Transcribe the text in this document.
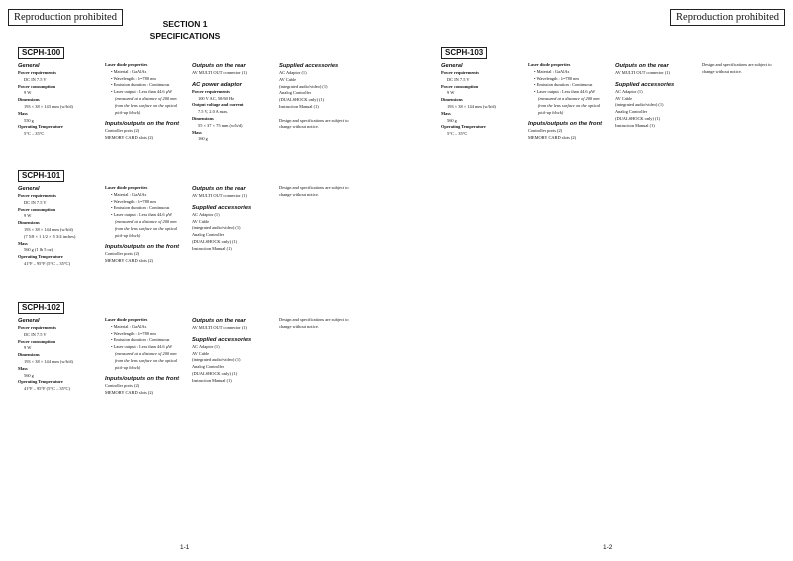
Reproduction prohibited	Reproduction prohibited
SECTION 1
SPECIFICATIONS
SCPH-100
General
Power requirements
DC IN 7.5 V
Power consumption
9 W
Dimensions
193 × 38 × 143 mm (w/h/d)
Mass
550 g
Operating Temperature
5°C – 35°C
Laser diode properties
• Material : GaAlAs
• Wavelength : λ=780 nm
• Emission duration : Continuous
• Laser output : Less than 44.6 μW
(measured at a distance of 200 mm
from the lens surface on the optical
pick-up block)
Inputs/outputs on the front
Controller ports (2)
MEMORY CARD slots (2)
Outputs on the rear
AV MULTI OUT connector (1)
AC power adaptor
Power requirements
100 V AC, 50/60 Hz
Output voltage and current
7.5 V, 2.0 A max.
Dimensions
55 × 37 × 75 mm (w/h/d)
Mass
160 g
Supplied accessories
AC Adaptor (1)
AV Cable
(integrated audio/video) (1)
Analog Controller
(DUALSHOCK only) (1)
Instruction Manual (1)

Design and specifications are subject to
change without notice.
SCPH-103
General
Power requirements
DC IN 7.5 V
Power consumption
9 W
Dimensions
193 × 38 × 144 mm (w/h/d)
Mass
560 g
Operating Temperature
5°C – 35°C
Laser diode properties
• Material : GaAlAs
• Wavelength : λ=780 nm
• Emission duration : Continuous
• Laser output : Less than 44.6 μW
(measured at a distance of 200 mm
from the lens surface on the optical
pick-up block)
Inputs/outputs on the front
Controller ports (2)
MEMORY CARD slots (2)
Outputs on the rear
AV MULTI OUT connector (1)
Supplied accessories
AC Adaptor (1)
AV Cable
(integrated audio/video) (1)
Analog Controller
(DUALSHOCK only) (1)
Instruction Manual (1)
Design and specifications are subject to
change without notice.
SCPH-101
General
Power requirements
DC IN 7.5 V
Power consumption
9 W
Dimensions
193 × 38 × 144 mm (w/h/d)
(7 5/8 × 1 1/2 × 5 3/4 inches)
Mass
560 g (1 lb 5 oz)
Operating Temperature
41°F – 95°F (5°C – 35°C)
Laser diode properties
• Material : GaAlAs
• Wavelength : λ=780 nm
• Emission duration : Continuous
• Laser output : Less than 44.6 μW
(measured at a distance of 200 mm
from the lens surface on the optical
pick-up block)
Inputs/outputs on the front
Controller ports (2)
MEMORY CARD slots (2)
Outputs on the rear
AV MULTI OUT connector (1)
Supplied accessories
AC Adaptor (1)
AV Cable
(integrated audio/video) (1)
Analog Controller
(DUALSHOCK only) (1)
Instruction Manual (1)
Design and specifications are subject to
change without notice.
SCPH-102
General
Power requirements
DC IN 7.5 V
Power consumption
9 W
Dimensions
193 × 38 × 144 mm (w/h/d)
Mass
560 g
Operating Temperature
41°F – 95°F (5°C – 35°C)
Laser diode properties
• Material : GaAlAs
• Wavelength : λ=780 nm
• Emission duration : Continuous
• Laser output : Less than 44.6 μW
(measured at a distance of 200 mm
from the lens surface on the optical
pick-up block)
Inputs/outputs on the front
Controller ports (2)
MEMORY CARD slots (2)
Outputs on the rear
AV MULTI OUT connector (1)
Supplied accessories
AC Adaptor (1)
AV Cable
(integrated audio/video) (1)
Analog Controller
(DUALSHOCK only) (1)
Instruction Manual (1)
Design and specifications are subject to
change without notice.
1-1	1-2
